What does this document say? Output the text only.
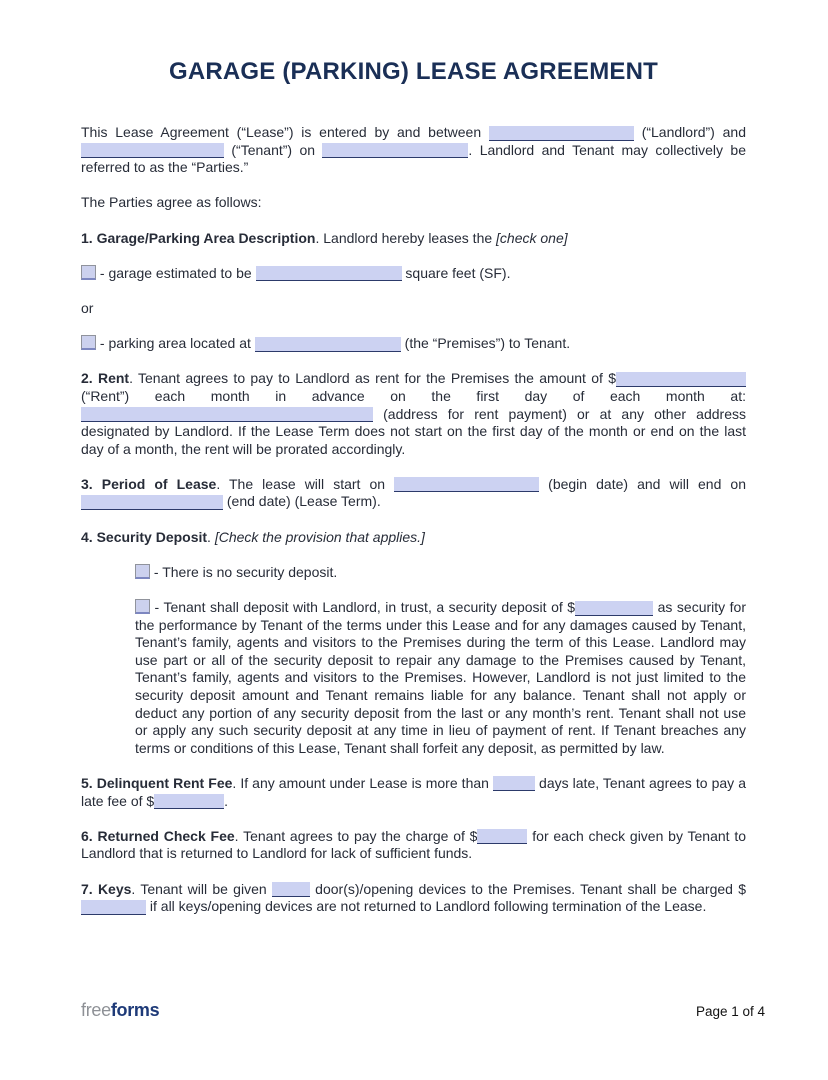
GARAGE (PARKING) LEASE AGREEMENT

This Lease Agreement (“Lease”) is entered by and between	(“Landlord”) and  (“Tenant”) on	. Landlord and Tenant may collectively be referred to as the “Parties.”

The Parties agree as follows:

1. Garage/Parking Area Description. Landlord hereby leases the [check one]

- garage estimated to be	square feet (SF).

or

- parking area located at	(the “Premises”) to Tenant.

2. Rent. Tenant agrees to pay to Landlord as rent for the Premises the amount of $ (“Rent”) each month in advance on the first day of each month at:  (address for rent payment) or at any other address designated by Landlord. If the Lease Term does not start on the first day of the month or end on the last day of a month, the rent will be prorated accordingly.

3. Period of Lease. The lease will start on	(begin date) and will end on  (end date) (Lease Term).

4. Security Deposit. [Check the provision that applies.]

- There is no security deposit.

- Tenant shall deposit with Landlord, in trust, a security deposit of $	as security for the performance by Tenant of the terms under this Lease and for any damages caused by Tenant, Tenant’s family, agents and visitors to the Premises during the term of this Lease. Landlord may use part or all of the security deposit to repair any damage to the Premises caused by Tenant, Tenant’s family, agents and visitors to the Premises. However, Landlord is not just limited to the security deposit amount and Tenant remains liable for any balance. Tenant shall not apply or deduct any portion of any security deposit from the last or any month’s rent. Tenant shall not use or apply any such security deposit at any time in lieu of payment of rent. If Tenant breaches any terms or conditions of this Lease, Tenant shall forfeit any deposit, as permitted by law.

5. Delinquent Rent Fee. If any amount under Lease is more than	days late, Tenant agrees to pay a late fee of $	.

6. Returned Check Fee. Tenant agrees to pay the charge of $	for each check given by Tenant to Landlord that is returned to Landlord for lack of sufficient funds.

7. Keys. Tenant will be given	door(s)/opening devices to the Premises. Tenant shall be charged $ if all keys/opening devices are not returned to Landlord following termination of the Lease.

freeforms	Page 1 of 4
